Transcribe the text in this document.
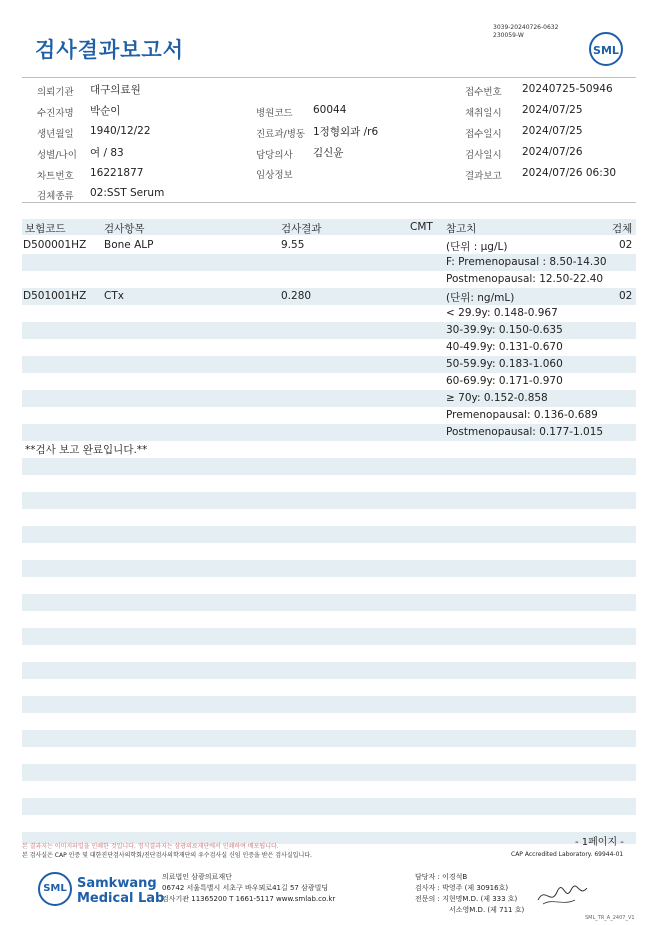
검사결과보고서
3039-20240726-0632
230059-W
SML
의뢰기관 대구의료원	접수번호 20240725-50946
수진자명 박순이	병원코드 60044	채취일시 2024/07/25
생년월일 1940/12/22	진료과/병동 1정형외과 /r6	접수일시 2024/07/25
성별/나이 여 / 83	담당의사 김신윤	검사일시 2024/07/26
차트번호 16221877	임상정보	결과보고 2024/07/26 06:30
검체종류 02:SST Serum
보험코드	검사항목	검사결과	CMT 참고치	검체
D500001HZ Bone ALP	9.55	(단위 : μg/L)	02
F: Premenopausal : 8.50-14.30
Postmenopausal: 12.50-22.40
D501001HZ CTx	0.280	(단위: ng/mL)	02
< 29.9y: 0.148-0.967
30-39.9y: 0.150-0.635
40-49.9y: 0.131-0.670
50-59.9y: 0.183-1.060
60-69.9y: 0.171-0.970
≥ 70y: 0.152-0.858
Premenopausal: 0.136-0.689
Postmenopausal: 0.177-1.015
**검사 보고 완료입니다.**
- 1페이지 -
본 결과지는 이미지파일을 인쇄한 것입니다. 정식결과지는 삼광의료재단에서 인쇄하여 배포됩니다.
본 검사실은 CAP 인증 및 대한진단검사의학회/진단검사의학재단의 우수검사실 신임 인증을 받은 검사실입니다.	CAP Accredited Laboratory. 69944-01
SML Samkwang
Medical Lab
의료법인 삼광의료재단
06742 서울특별시 서초구 바우뫼로41길 57 삼광빌딩
검사기관 11365200 T 1661-5117 www.smlab.co.kr
담당자 : 이경석B
검사자 : 박영주 (제 30916호)
전문의 : 지현명M.D. (제 333 호)
서소영M.D. (제 711 호)
SML_TR_A_2407_V1
